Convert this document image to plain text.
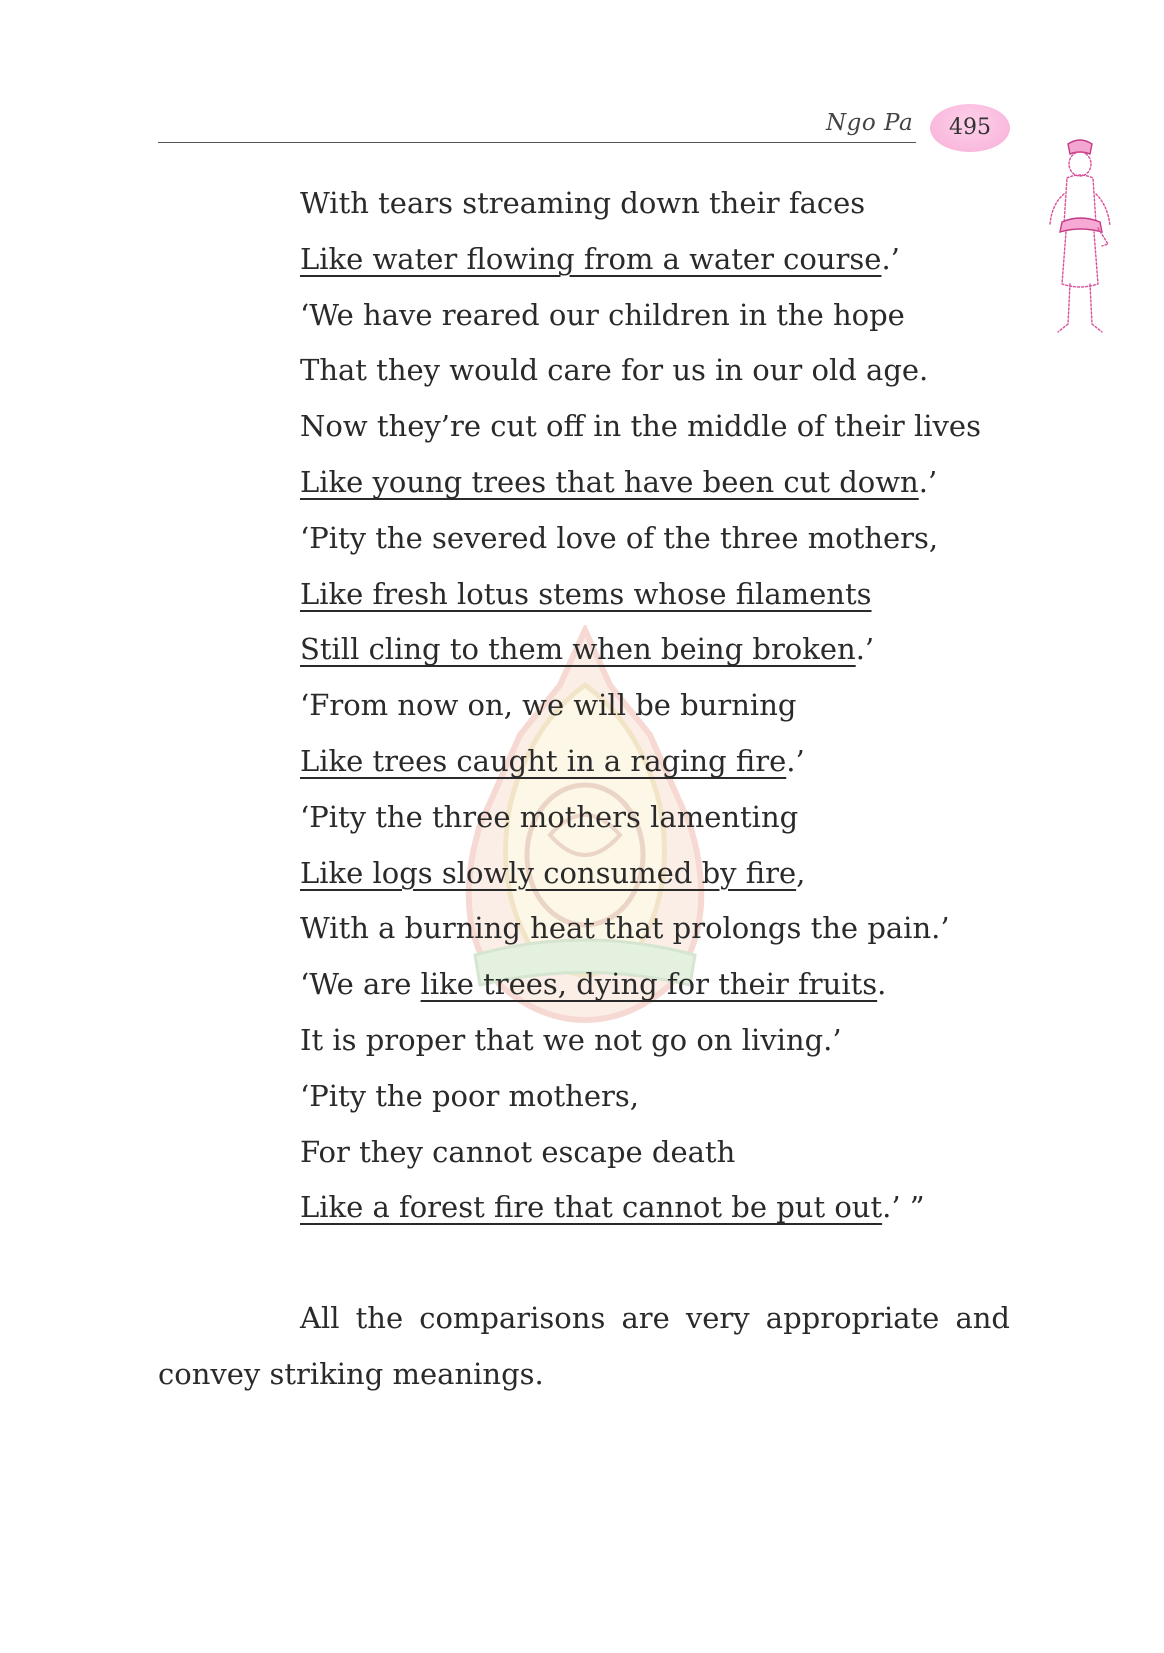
Ngo Pa	495
With tears streaming down their faces
Like water flowing from a water course.’
‘We have reared our children in the hope
That they would care for us in our old age.
Now they’re cut off in the middle of their lives
Like young trees that have been cut down.’
‘Pity the severed love of the three mothers,
Like fresh lotus stems whose filaments
Still cling to them when being broken.’
‘From now on, we will be burning
Like trees caught in a raging fire.’
‘Pity the three mothers lamenting
Like logs slowly consumed by fire,
With a burning heat that prolongs the pain.’
‘We are like trees, dying for their fruits.
It is proper that we not go on living.’
‘Pity the poor mothers,
For they cannot escape death
Like a forest fire that cannot be put out.’ ”

All the comparisons are very appropriate and convey striking meanings.
